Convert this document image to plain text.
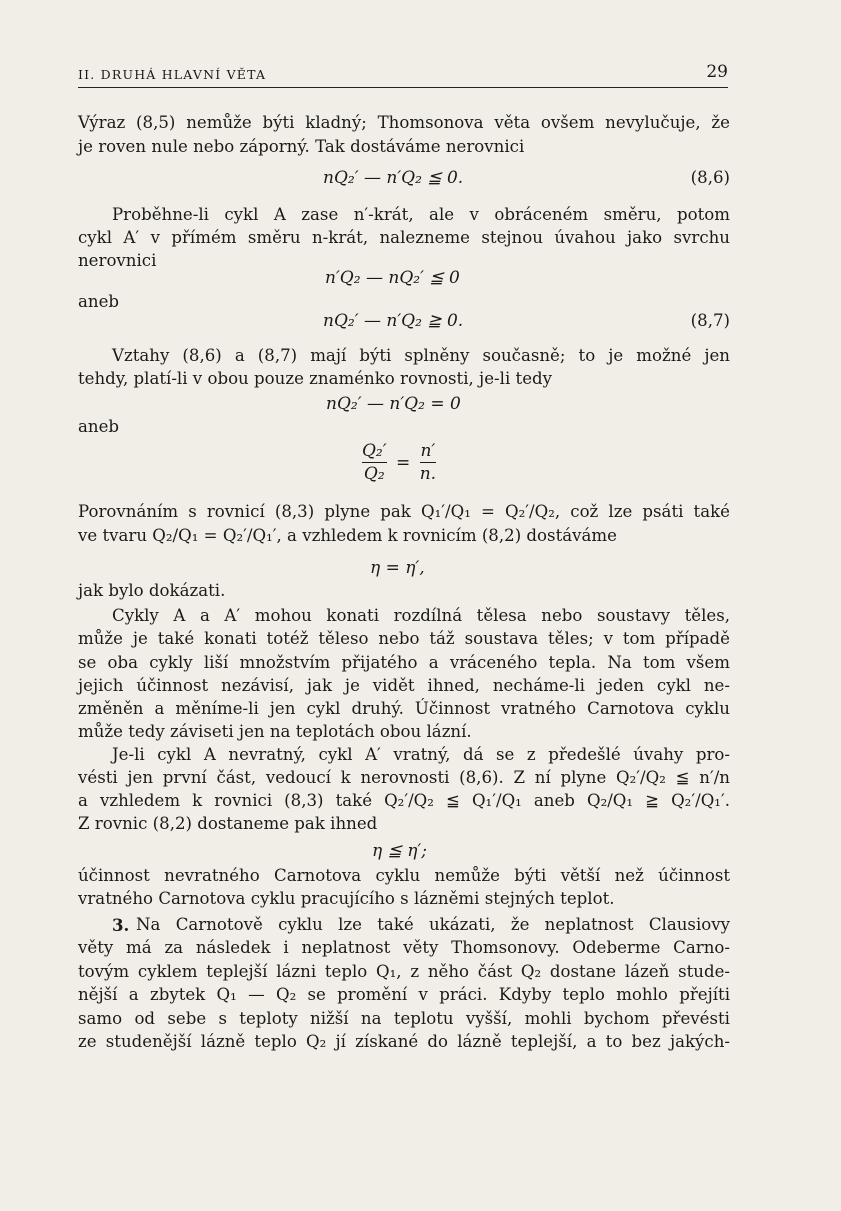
II. DRUHÁ HLAVNÍ VĚTA	29
Výraz (8,5) nemůže býti kladný; Thomsonova věta ovšem nevylučuje, že
je roven nule nebo záporný. Tak dostáváme nerovnici
nQ₂′ — n′Q₂ ≦ 0.	(8,6)
Proběhne-li cykl A zase n′-krát, ale v obráceném směru, potom
cykl A′ v přímém směru n-krát, nalezneme stejnou úvahou jako svrchu
nerovnici
n′Q₂ — nQ₂′ ≦ 0
aneb
nQ₂′ — n′Q₂ ≧ 0.	(8,7)
Vztahy (8,6) a (8,7) mají býti splněny současně; to je možné jen
tehdy, platí-li v obou pouze znaménko rovnosti, je-li tedy
nQ₂′ — n′Q₂ = 0
aneb
$\frac{\text{Q₂′}}{\text{Q₂}} = \frac{n'}{n.}$
Porovnáním s rovnicí (8,3) plyne pak Q₁′/Q₁ = Q₂′/Q₂, což lze psáti také
ve tvaru Q₂/Q₁ = Q₂′/Q₁′, a vzhledem k rovnicím (8,2) dostáváme
η = η′,
jak bylo dokázati.
Cykly A a A′ mohou konati rozdílná tělesa nebo soustavy těles,
může je také konati totéž těleso nebo táž soustava těles; v tom případě
se oba cykly liší množstvím přijatého a vráceného tepla. Na tom všem
jejich účinnost nezávisí, jak je vidět ihned, necháme-li jeden cykl ne-
změněn a měníme-li jen cykl druhý. Účinnost vratného Carnotova cyklu
může tedy záviseti jen na teplotách obou lázní.
Je-li cykl A nevratný, cykl A′ vratný, dá se z předešlé úvahy pro-
vésti jen první část, vedoucí k nerovnosti (8,6). Z ní plyne Q₂′/Q₂ ≦ n′/n
a vzhledem k rovnici (8,3) také Q₂′/Q₂ ≦ Q₁′/Q₁ aneb Q₂/Q₁ ≧ Q₂′/Q₁′.
Z rovnic (8,2) dostaneme pak ihned
η ≦ η′;
účinnost nevratného Carnotova cyklu nemůže býti větší než účinnost
vratného Carnotova cyklu pracujícího s lázněmi stejných teplot.
3. Na Carnotově cyklu lze také ukázati, že neplatnost Clausiovy
věty má za následek i neplatnost věty Thomsonovy. Odeberme Carno-
tovým cyklem teplejší lázni teplo Q₁, z něho část Q₂ dostane lázeň stude-
nější a zbytek Q₁ — Q₂ se promění v práci. Kdyby teplo mohlo přejíti
samo od sebe s teploty nižší na teplotu vyšší, mohli bychom převésti
ze studenější lázně teplo Q₂ jí získané do lázně teplejší, a to bez jakých-
